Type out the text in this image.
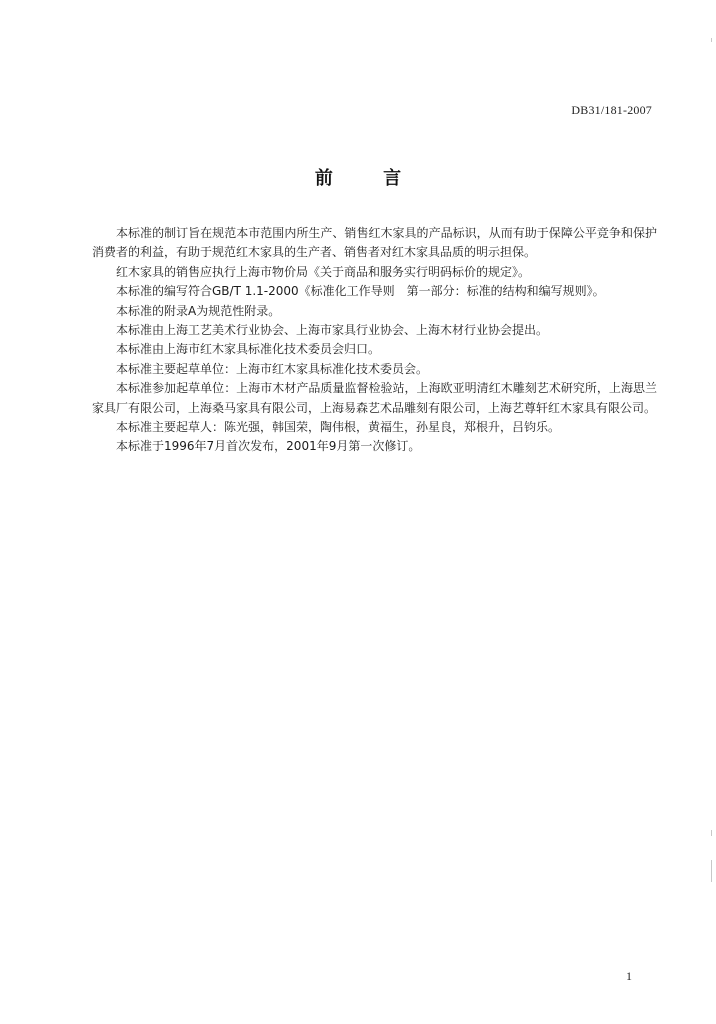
DB31/181-2007
前 言

本标准的制订旨在规范本市范围内所生产、销售红木家具的产品标识，从而有助于保障公平竞争和保护消费者的利益，有助于规范红木家具的生产者、销售者对红木家具品质的明示担保。

红木家具的销售应执行上海市物价局《关于商品和服务实行明码标价的规定》。

本标准的编写符合GB/T 1.1-2000《标准化工作导则　第一部分：标准的结构和编写规则》。

本标准的附录A为规范性附录。

本标准由上海工艺美术行业协会、上海市家具行业协会、上海木材行业协会提出。

本标准由上海市红木家具标准化技术委员会归口。

本标准主要起草单位：上海市红木家具标准化技术委员会。

本标准参加起草单位：上海市木材产品质量监督检验站，上海欧亚明清红木雕刻艺术研究所，上海思兰家具厂有限公司，上海桑马家具有限公司，上海易森艺术品雕刻有限公司，上海艺尊轩红木家具有限公司。

本标准主要起草人：陈光强，韩国荣，陶伟根，黄福生，孙星良，郑根升，吕钧乐。

本标准于1996年7月首次发布，2001年9月第一次修订。

1
